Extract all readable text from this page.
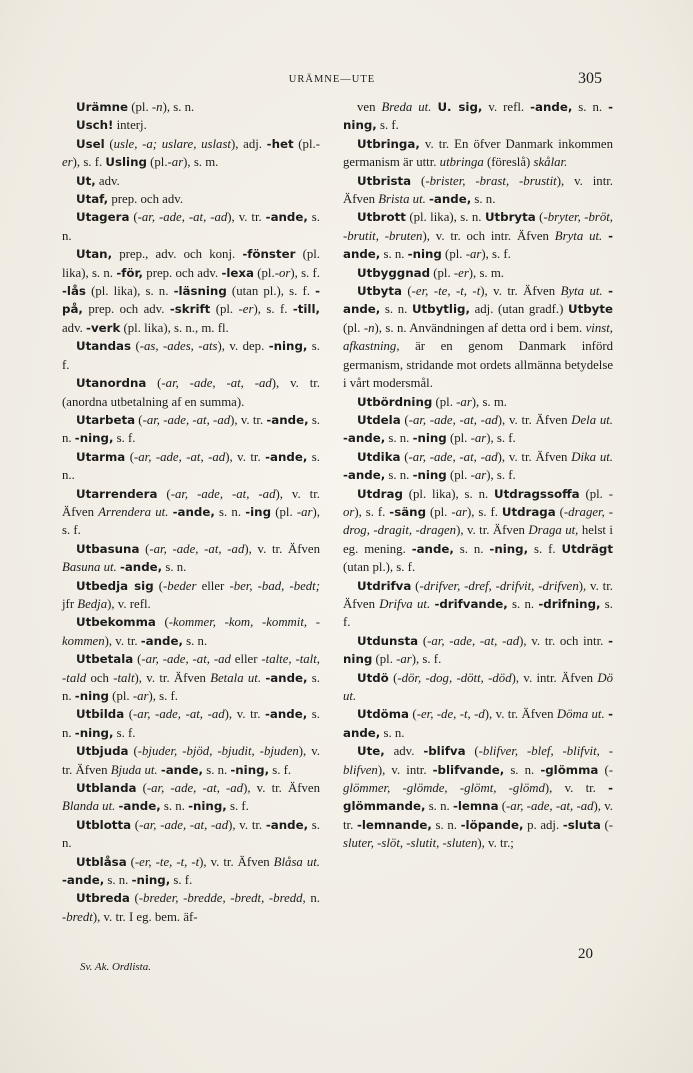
URÄMNE—UTE	305

Urämne (pl. -n), s. n.

Usch! interj.

Usel (usle, -a; uslare, uslast), adj. -het (pl.-er), s. f. Usling (pl.-ar), s. m.

Ut, adv.

Utaf, prep. och adv.

Utagera (-ar, -ade, -at, -ad), v. tr. -ande, s. n.

Utan, prep., adv. och konj. -fönster (pl. lika), s. n. -för, prep. och adv. -lexa (pl.-or), s. f. -lås (pl. lika), s. n. -läsning (utan pl.), s. f. -på, prep. och adv. -skrift (pl. -er), s. f. -till, adv. -verk (pl. lika), s. n., m. fl.

Utandas (-as, -ades, -ats), v. dep. -ning, s. f.

Utanordna (-ar, -ade, -at, -ad), v. tr. (anordna utbetalning af en summa).

Utarbeta (-ar, -ade, -at, -ad), v. tr. -ande, s. n. -ning, s. f.

Utarma (-ar, -ade, -at, -ad), v. tr. -ande, s. n..

Utarrendera (-ar, -ade, -at, -ad), v. tr. Äfven Arrendera ut. -ande, s. n. -ing (pl. -ar), s. f.

Utbasuna (-ar, -ade, -at, -ad), v. tr. Äfven Basuna ut. -ande, s. n.

Utbedja sig (-beder eller -ber, -bad, -bedt; jfr Bedja), v. refl.

Utbekomma (-kommer, -kom, -kommit, -kommen), v. tr. -ande, s. n.

Utbetala (-ar, -ade, -at, -ad eller -talte, -talt, -tald och -talt), v. tr. Äfven Betala ut. -ande, s. n. -ning (pl. -ar), s. f.

Utbilda (-ar, -ade, -at, -ad), v. tr. -ande, s. n. -ning, s. f.

Utbjuda (-bjuder, -bjöd, -bjudit, -bjuden), v. tr. Äfven Bjuda ut. -ande, s. n. -ning, s. f.

Utblanda (-ar, -ade, -at, -ad), v. tr. Äfven Blanda ut. -ande, s. n. -ning, s. f.

Utblotta (-ar, -ade, -at, -ad), v. tr. -ande, s. n.

Utblåsa (-er, -te, -t, -t), v. tr. Äfven Blåsa ut. -ande, s. n. -ning, s. f.

Utbreda (-breder, -bredde, -bredt, -bredd, n. -bredt), v. tr. I eg. bem. äf-

ven Breda ut. U. sig, v. refl. -ande, s. n. -ning, s. f.

Utbringa, v. tr. En öfver Danmark inkommen germanism är uttr. utbringa (föreslå) skålar.

Utbrista (-brister, -brast, -brustit), v. intr. Äfven Brista ut. -ande, s. n.

Utbrott (pl. lika), s. n. Utbryta (-bryter, -bröt, -brutit, -bruten), v. tr. och intr. Äfven Bryta ut. -ande, s. n. -ning (pl. -ar), s. f.

Utbyggnad (pl. -er), s. m.

Utbyta (-er, -te, -t, -t), v. tr. Äfven Byta ut. -ande, s. n. Utbytlig, adj. (utan gradf.) Utbyte (pl. -n), s. n. Användningen af detta ord i bem. vinst, afkastning, är en genom Danmark införd germanism, stridande mot ordets allmänna betydelse i vårt modersmål.

Utbördning (pl. -ar), s. m.

Utdela (-ar, -ade, -at, -ad), v. tr. Äfven Dela ut. -ande, s. n. -ning (pl. -ar), s. f.

Utdika (-ar, -ade, -at, -ad), v. tr. Äfven Dika ut. -ande, s. n. -ning (pl. -ar), s. f.

Utdrag (pl. lika), s. n. Utdragssoffa (pl. -or), s. f. -säng (pl. -ar), s. f. Utdraga (-drager, -drog, -dragit, -dragen), v. tr. Äfven Draga ut, helst i eg. mening. -ande, s. n. -ning, s. f. Utdrägt (utan pl.), s. f.

Utdrifva (-drifver, -dref, -drifvit, -drifven), v. tr. Äfven Drifva ut. -drifvande, s. n. -drifning, s. f.

Utdunsta (-ar, -ade, -at, -ad), v. tr. och intr. -ning (pl. -ar), s. f.

Utdö (-dör, -dog, -dött, -död), v. intr. Äfven Dö ut.

Utdöma (-er, -de, -t, -d), v. tr. Äfven Döma ut. -ande, s. n.

Ute, adv. -blifva (-blifver, -blef, -blifvit, -blifven), v. intr. -blifvande, s. n. -glömma (-glömmer, -glömde, -glömt, -glömd), v. tr. -glömmande, s. n. -lemna (-ar, -ade, -at, -ad), v. tr. -lemnande, s. n. -löpande, p. adj. -sluta (-sluter, -slöt, -slutit, -sluten), v. tr.;

Sv. Ak. Ordlista.
20
